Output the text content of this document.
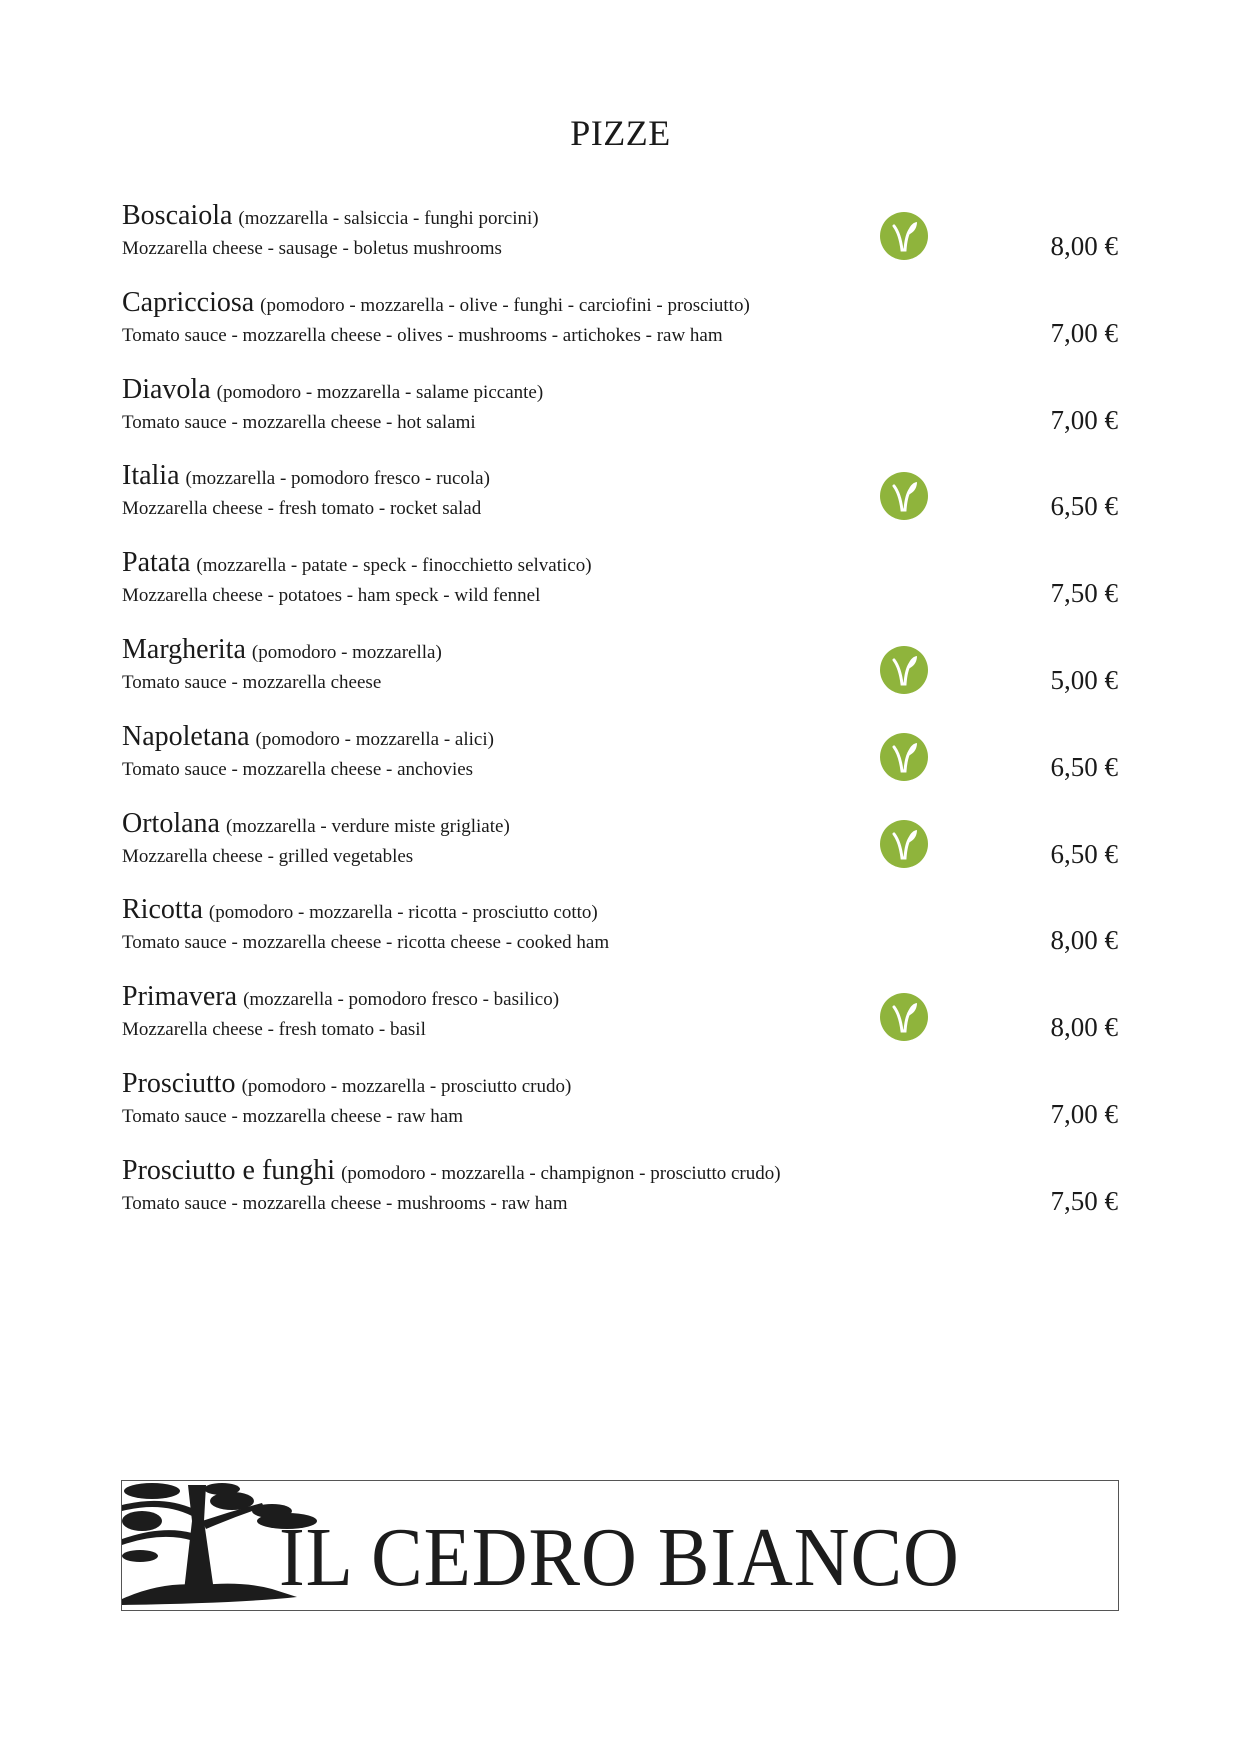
PIZZE
Boscaiola (mozzarella - salsiccia - funghi porcini)
Mozzarella cheese - sausage - boletus mushrooms	8,00 €
Capricciosa (pomodoro - mozzarella - olive - funghi - carciofini - prosciutto)
Tomato sauce - mozzarella cheese - olives - mushrooms - artichokes - raw ham	7,00 €
Diavola (pomodoro - mozzarella - salame piccante)
Tomato sauce - mozzarella cheese - hot salami	7,00 €
Italia (mozzarella - pomodoro fresco - rucola)
Mozzarella cheese - fresh tomato - rocket salad	6,50 €
Patata (mozzarella - patate - speck - finocchietto selvatico)
Mozzarella cheese - potatoes - ham speck - wild fennel	7,50 €
Margherita (pomodoro - mozzarella)
Tomato sauce - mozzarella cheese	5,00 €
Napoletana (pomodoro - mozzarella - alici)
Tomato sauce - mozzarella cheese - anchovies	6,50 €
Ortolana (mozzarella - verdure miste grigliate)
Mozzarella cheese - grilled vegetables	6,50 €
Ricotta (pomodoro - mozzarella - ricotta - prosciutto cotto)
Tomato sauce - mozzarella cheese - ricotta cheese - cooked ham	8,00 €
Primavera (mozzarella - pomodoro fresco - basilico)
Mozzarella cheese - fresh tomato - basil	8,00 €
Prosciutto (pomodoro - mozzarella - prosciutto crudo)
Tomato sauce - mozzarella cheese - raw ham	7,00 €
Prosciutto e funghi (pomodoro - mozzarella - champignon - prosciutto crudo)
Tomato sauce - mozzarella cheese - mushrooms - raw ham	7,50 €
IL CEDRO BIANCO
